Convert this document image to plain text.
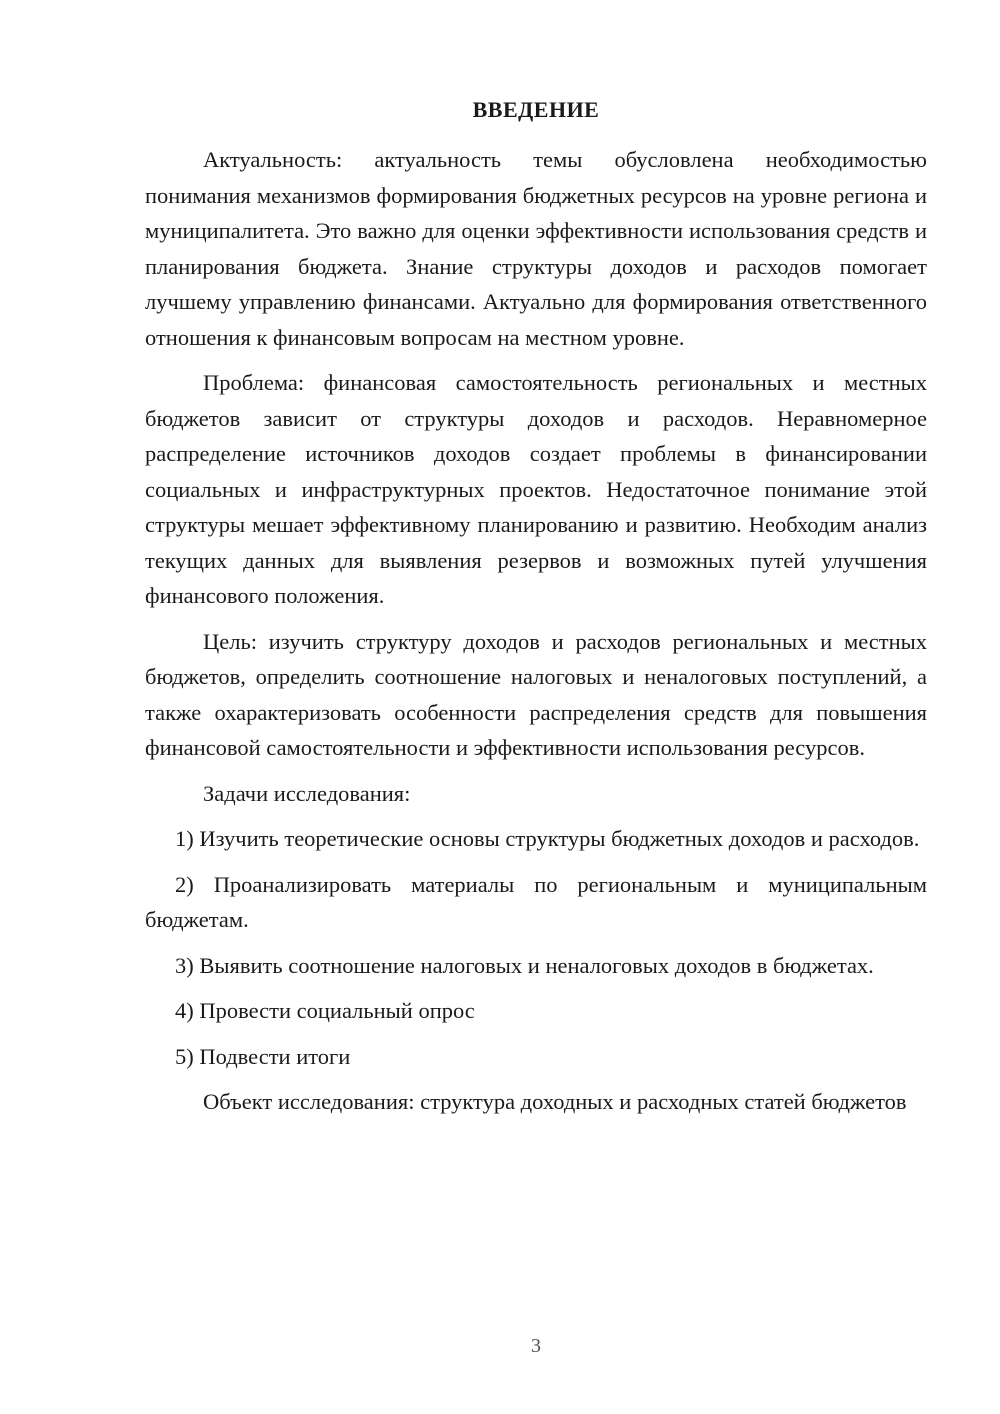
ВВЕДЕНИЕ

Актуальность: актуальность темы обусловлена необходимостью понимания механизмов формирования бюджетных ресурсов на уровне региона и муниципалитета. Это важно для оценки эффективности использования средств и планирования бюджета. Знание структуры доходов и расходов помогает лучшему управлению финансами. Актуально для формирования ответственного отношения к финансовым вопросам на местном уровне.

Проблема: финансовая самостоятельность региональных и местных бюджетов зависит от структуры доходов и расходов. Неравномерное распределение источников доходов создает проблемы в финансировании социальных и инфраструктурных проектов. Недостаточное понимание этой структуры мешает эффективному планированию и развитию. Необходим анализ текущих данных для выявления резервов и возможных путей улучшения финансового положения.

Цель: изучить структуру доходов и расходов региональных и местных бюджетов, определить соотношение налоговых и неналоговых поступлений, а также охарактеризовать особенности распределения средств для повышения финансовой самостоятельности и эффективности использования ресурсов.

Задачи исследования:

1) Изучить теоретические основы структуры бюджетных доходов и расходов.

2) Проанализировать материалы по региональным и муниципальным бюджетам.

3) Выявить соотношение налоговых и неналоговых доходов в бюджетах.

4) Провести социальный опрос

5) Подвести итоги

Объект исследования: структура доходных и расходных статей бюджетов

3
